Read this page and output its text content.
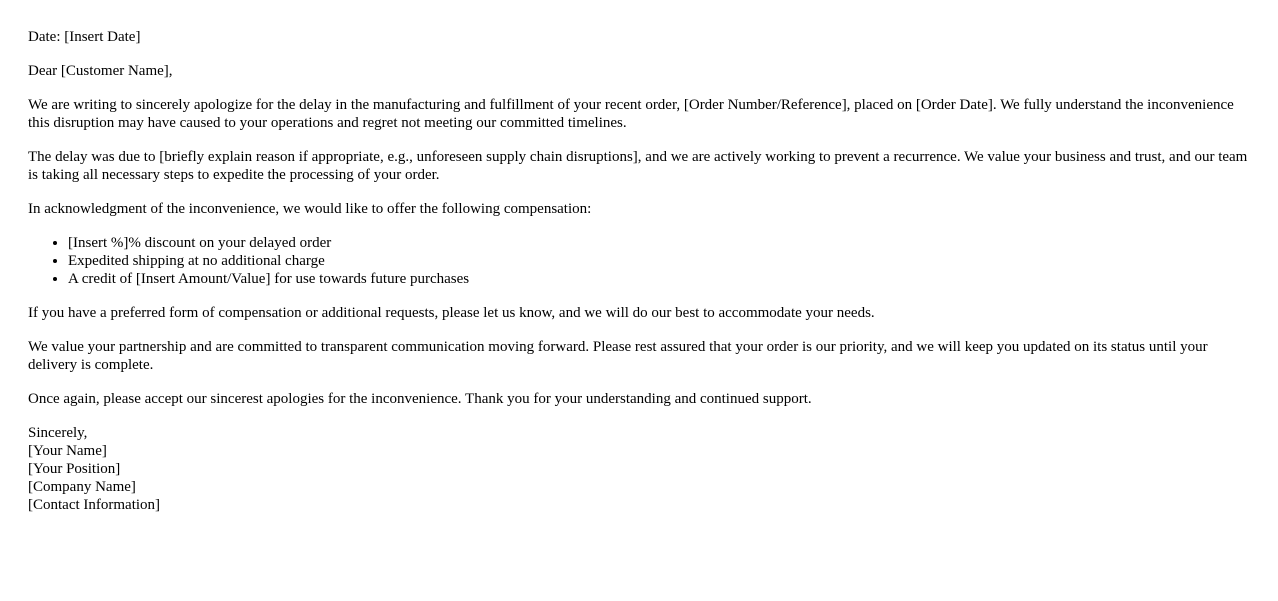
Date: [Insert Date]

Dear [Customer Name],

We are writing to sincerely apologize for the delay in the manufacturing and fulfillment of your recent order, [Order Number/Reference], placed on [Order Date]. We fully understand the inconvenience this disruption may have caused to your operations and regret not meeting our committed timelines.

The delay was due to [briefly explain reason if appropriate, e.g., unforeseen supply chain disruptions], and we are actively working to prevent a recurrence. We value your business and trust, and our team is taking all necessary steps to expedite the processing of your order.

In acknowledgment of the inconvenience, we would like to offer the following compensation:

• [Insert %]% discount on your delayed order
• Expedited shipping at no additional charge
• A credit of [Insert Amount/Value] for use towards future purchases

If you have a preferred form of compensation or additional requests, please let us know, and we will do our best to accommodate your needs.

We value your partnership and are committed to transparent communication moving forward. Please rest assured that your order is our priority, and we will keep you updated on its status until your delivery is complete.

Once again, please accept our sincerest apologies for the inconvenience. Thank you for your understanding and continued support.

Sincerely,
[Your Name]
[Your Position]
[Company Name]
[Contact Information]
